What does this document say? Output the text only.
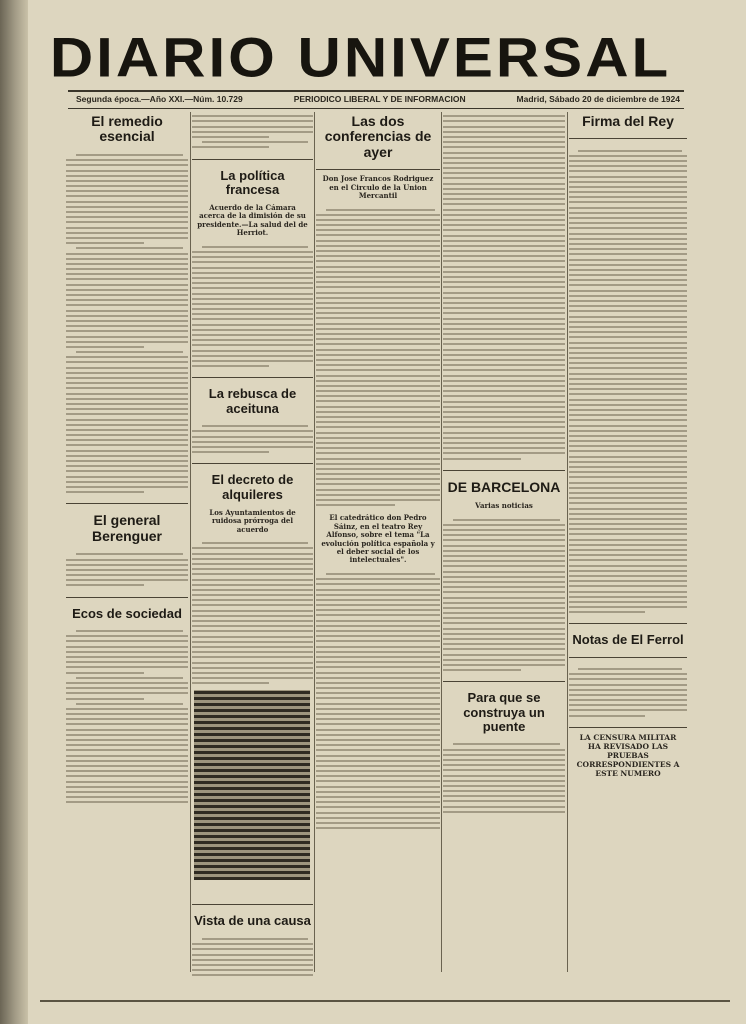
DIARIO UNIVERSAL
Segunda época.—Año XXI.—Núm. 10.729	PERIODICO LIBERAL Y DE INFORMACION	Madrid, Sábado 20 de diciembre de 1924
El remedio esencial
El general Berenguer
Ecos de sociedad
La política francesa
Acuerdo de la Cámara acerca de la dimisión de su presidente.—La salud del de Herriot.
La rebusca de aceituna
El decreto de alquileres
Los Ayuntamientos de ruidosa prórroga del acuerdo
Vista de una causa
Las dos conferencias de ayer
Don Jose Francos Rodriguez en el Circulo de la Union Mercantil
El catedrático don Pedro Sáinz, en el teatro Rey Alfonso, sobre el tema "La evolución política española y el deber social de los intelectuales".
DE BARCELONA
Varias noticias
Para que se construya un puente
Firma del Rey
Notas de El Ferrol
LA CENSURA MILITAR HA REVISADO LAS PRUEBAS CORRESPONDIENTES A ESTE NUMERO
